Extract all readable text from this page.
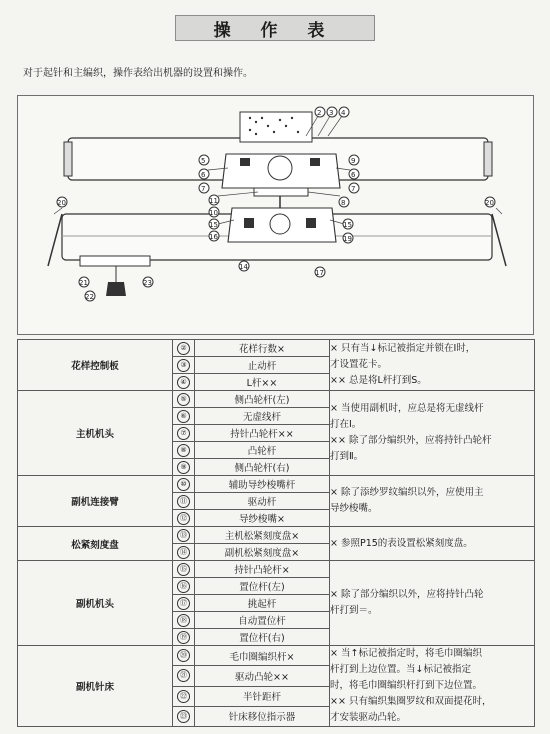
操 作 表
对于起针和主编织，操作表给出机器的设置和操作。
2 3 4
5
6
7
9
6
7
8
11
10
15
16
15
19
14
17
20	20
21
22
23
花样控制板	②	花样行数×	× 只有当↓标记被指定并锁在Ⅰ时，
才设置花卡。
×× 总是将L杆打到S。

	③	止动杆	
	④	L杆××	
主机机头	⑤	侧凸轮杆(左)	× 当使用副机时，应总是将无虚线杆
打在Ⅰ。
×× 除了部分编织外，应将持针凸轮杆
打到Ⅱ。

	⑥	无虚线杆	
	⑦	持针凸轮杆××	
	⑧	凸轮杆	
	⑨	侧凸轮杆(右)	
副机连接臂	⑩	辅助导纱梭嘴杆	× 除了添纱罗纹编织以外，应使用主
导纱梭嘴。

	⑪	驱动杆	
	⑫	导纱梭嘴×	
松紧刻度盘	⑬	主机松紧刻度盘×	× 参照P15的表设置松紧刻度盘。

	⑭	副机松紧刻度盘×	
副机机头	⑮	持针凸轮杆×	× 除了部分编织以外，应将持针凸轮
杆打到＝。

	⑯	置位杆(左)	
	⑰	挑起杆	
	⑱	自动置位杆	
	⑲	置位杆(右)	
副机针床	⑳	毛巾圈编织杆×	× 当↑标记被指定时，将毛巾圈编织
杆打到上边位置。当↓标记被指定
时，将毛巾圈编织杆打到下边位置。
×× 只有编织集圈罗纹和双面提花时，
才安装驱动凸轮。

	㉑	驱动凸轮××	
	㉒	半针距杆	
	㉓	针床移位指示器	
